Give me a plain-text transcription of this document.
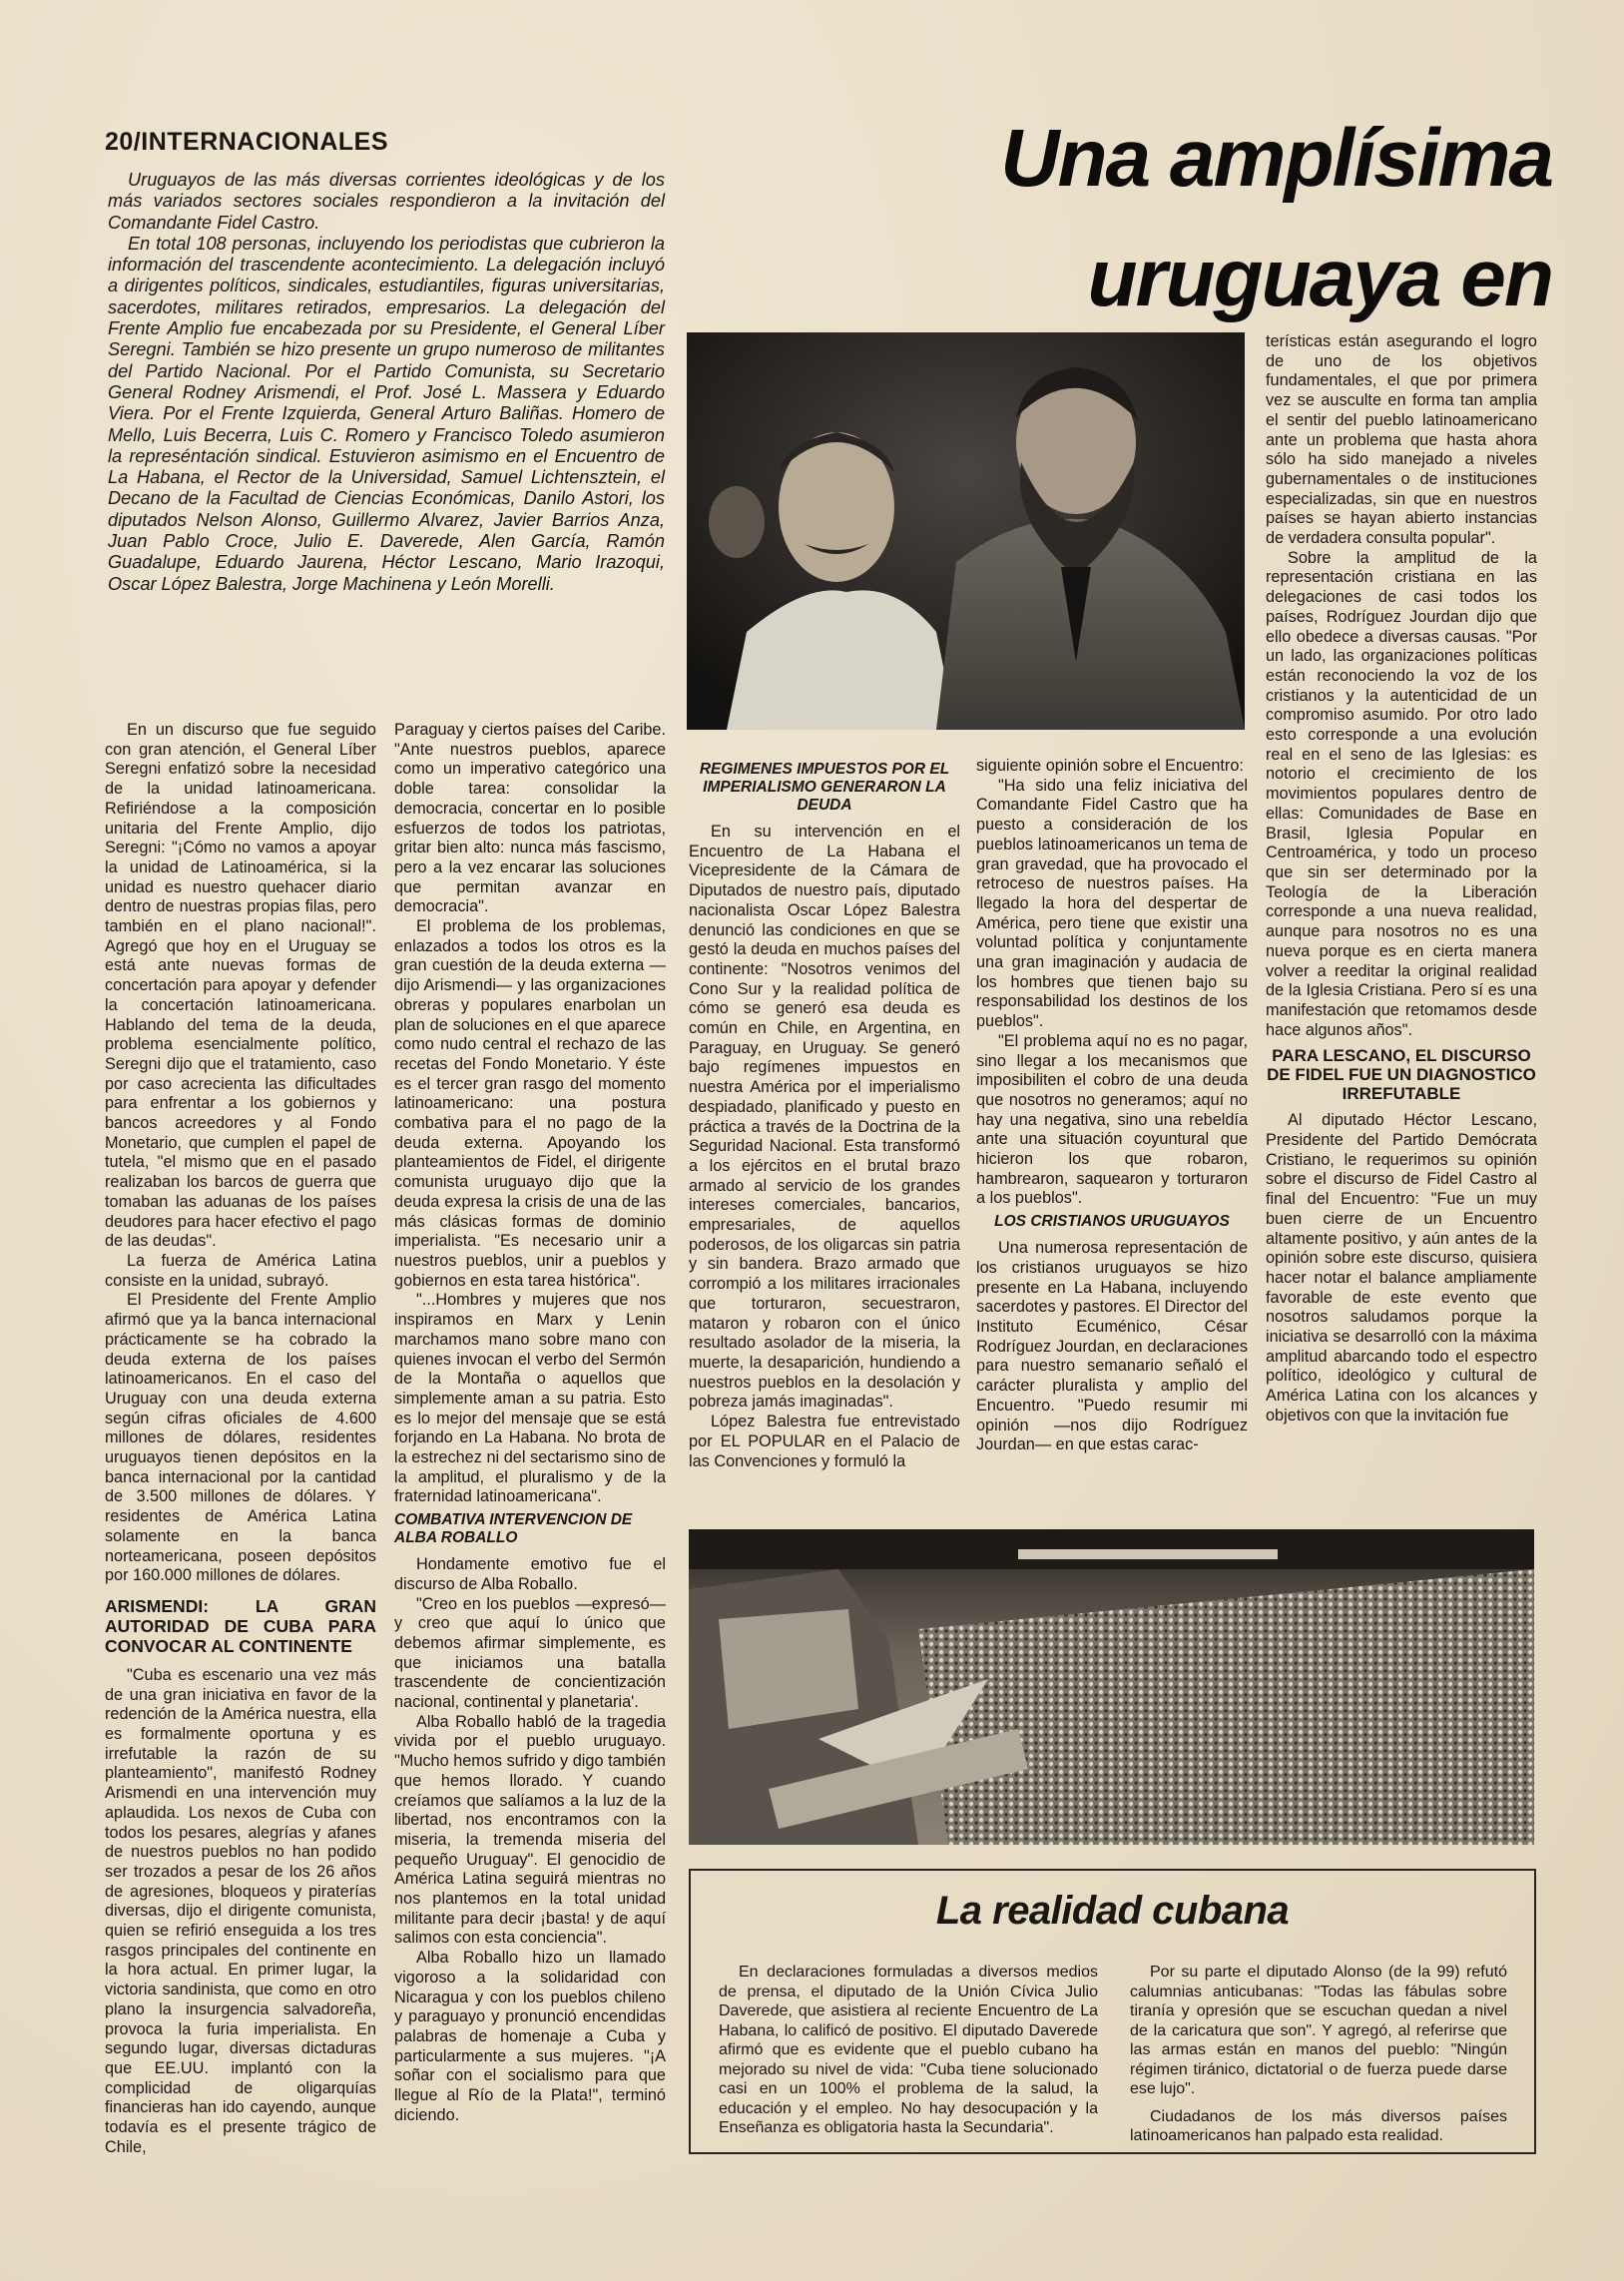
20/INTERNACIONALES	Una amplísima
uruguaya en

Uruguayos de las más diversas corrientes ideológicas y de los más variados sectores sociales respondieron a la invitación del Comandante Fidel Castro.

En total 108 personas, incluyendo los periodistas que cubrieron la información del trascendente acontecimiento. La delegación incluyó a dirigentes políticos, sindicales, estudiantiles, figuras universitarias, sacerdotes, militares retirados, empresarios. La delegación del Frente Amplio fue encabezada por su Presidente, el General Líber Seregni. También se hizo presente un grupo numeroso de militantes del Partido Nacional. Por el Partido Comunista, su Secretario General Rodney Arismendi, el Prof. José L. Massera y Eduardo Viera. Por el Frente Izquierda, General Arturo Baliñas. Homero de Mello, Luis Becerra, Luis C. Romero y Francisco Toledo asumieron la represéntación sindical. Estuvieron asimismo en el Encuentro de La Habana, el Rector de la Universidad, Samuel Lichtensztein, el Decano de la Facultad de Ciencias Económicas, Danilo Astori, los diputados Nelson Alonso, Guillermo Alvarez, Javier Barrios Anza, Juan Pablo Croce, Julio E. Daverede, Alen García, Ramón Guadalupe, Eduardo Jaurena, Héctor Lescano, Mario Irazoqui, Oscar López Balestra, Jorge Machinena y León Morelli.

En un discurso que fue seguido con gran atención, el General Líber Seregni enfatizó sobre la necesidad de la unidad latinoamericana. Refiriéndose a la composición unitaria del Frente Amplio, dijo Seregni: "¡Cómo no vamos a apoyar la unidad de Latinoamérica, si la unidad es nuestro quehacer diario dentro de nuestras propias filas, pero también en el plano nacional!". Agregó que hoy en el Uruguay se está ante nuevas formas de concertación para apoyar y defender la concertación latinoamericana. Hablando del tema de la deuda, problema esencialmente político, Seregni dijo que el tratamiento, caso por caso acrecienta las dificultades para enfrentar a los gobiernos y bancos acreedores y al Fondo Monetario, que cumplen el papel de tutela, "el mismo que en el pasado realizaban los barcos de guerra que tomaban las aduanas de los países deudores para hacer efectivo el pago de las deudas".

La fuerza de América Latina consiste en la unidad, subrayó.

El Presidente del Frente Amplio afirmó que ya la banca internacional prácticamente se ha cobrado la deuda externa de los países latinoamericanos. En el caso del Uruguay con una deuda externa según cifras oficiales de 4.600 millones de dólares, residentes uruguayos tienen depósitos en la banca internacional por la cantidad de 3.500 millones de dólares. Y residentes de América Latina solamente en la banca norteamericana, poseen depósitos por 160.000 millones de dólares.

ARISMENDI: LA GRAN AUTORIDAD DE CUBA PARA CONVOCAR AL CONTINENTE

"Cuba es escenario una vez más de una gran iniciativa en favor de la redención de la América nuestra, ella es formalmente oportuna y es irrefutable la razón de su planteamiento", manifestó Rodney Arismendi en una intervención muy aplaudida. Los nexos de Cuba con todos los pesares, alegrías y afanes de nuestros pueblos no han podido ser trozados a pesar de los 26 años de agresiones, bloqueos y piraterías diversas, dijo el dirigente comunista, quien se refirió enseguida a los tres rasgos principales del continente en la hora actual. En primer lugar, la victoria sandinista, que como en otro plano la insurgencia salvadoreña, provoca la furia imperialista. En segundo lugar, diversas dictaduras que EE.UU. implantó con la complicidad de oligarquías financieras han ido cayendo, aunque todavía es el presente trágico de Chile,

Paraguay y ciertos países del Caribe. "Ante nuestros pueblos, aparece como un imperativo categórico una doble tarea: consolidar la democracia, concertar en lo posible esfuerzos de todos los patriotas, gritar bien alto: nunca más fascismo, pero a la vez encarar las soluciones que permitan avanzar en democracia".

El problema de los problemas, enlazados a todos los otros es la gran cuestión de la deuda externa —dijo Arismendi— y las organizaciones obreras y populares enarbolan un plan de soluciones en el que aparece como nudo central el rechazo de las recetas del Fondo Monetario. Y éste es el tercer gran rasgo del momento latinoamericano: una postura combativa para el no pago de la deuda externa. Apoyando los planteamientos de Fidel, el dirigente comunista uruguayo dijo que la deuda expresa la crisis de una de las más clásicas formas de dominio imperialista. "Es necesario unir a nuestros pueblos, unir a pueblos y gobiernos en esta tarea histórica".

"...Hombres y mujeres que nos inspiramos en Marx y Lenin marchamos mano sobre mano con quienes invocan el verbo del Sermón de la Montaña o aquellos que simplemente aman a su patria. Esto es lo mejor del mensaje que se está forjando en La Habana. No brota de la estrechez ni del sectarismo sino de la amplitud, el pluralismo y de la fraternidad latinoamericana".

COMBATIVA INTERVENCION DE ALBA ROBALLO

Hondamente emotivo fue el discurso de Alba Roballo.

"Creo en los pueblos —expresó— y creo que aquí lo único que debemos afirmar simplemente, es que iniciamos una batalla trascendente de concientización nacional, continental y planetaria'.

Alba Roballo habló de la tragedia vivida por el pueblo uruguayo. "Mucho hemos sufrido y digo también que hemos llorado. Y cuando creíamos que salíamos a la luz de la libertad, nos encontramos con la miseria, la tremenda miseria del pequeño Uruguay". El genocidio de América Latina seguirá mientras no nos plantemos en la total unidad militante para decir ¡basta! y de aquí salimos con esta conciencia".

Alba Roballo hizo un llamado vigoroso a la solidaridad con Nicaragua y con los pueblos chileno y paraguayo y pronunció encendidas palabras de homenaje a Cuba y particularmente a sus mujeres. "¡A soñar con el socialismo para que llegue al Río de la Plata!", terminó diciendo.

REGIMENES IMPUESTOS POR EL IMPERIALISMO GENERARON LA DEUDA

En su intervención en el Encuentro de La Habana el Vicepresidente de la Cámara de Diputados de nuestro país, diputado nacionalista Oscar López Balestra denunció las condiciones en que se gestó la deuda en muchos países del continente: "Nosotros venimos del Cono Sur y la realidad política de cómo se generó esa deuda es común en Chile, en Argentina, en Paraguay, en Uruguay. Se generó bajo regímenes impuestos en nuestra América por el imperialismo despiadado, planificado y puesto en práctica a través de la Doctrina de la Seguridad Nacional. Esta transformó a los ejércitos en el brutal brazo armado al servicio de los grandes intereses comerciales, bancarios, empresariales, de aquellos poderosos, de los oligarcas sin patria y sin bandera. Brazo armado que corrompió a los militares irracionales que torturaron, secuestraron, mataron y robaron con el único resultado asolador de la miseria, la muerte, la desaparición, hundiendo a nuestros pueblos en la desolación y pobreza jamás imaginadas".

López Balestra fue entrevistado por EL POPULAR en el Palacio de las Convenciones y formuló la

siguiente opinión sobre el Encuentro:

"Ha sido una feliz iniciativa del Comandante Fidel Castro que ha puesto a consideración de los pueblos latinoamericanos un tema de gran gravedad, que ha provocado el retroceso de nuestros países. Ha llegado la hora del despertar de América, pero tiene que existir una voluntad política y conjuntamente una gran imaginación y audacia de los hombres que tienen bajo su responsabilidad los destinos de los pueblos".

"El problema aquí no es no pagar, sino llegar a los mecanismos que imposibiliten el cobro de una deuda que nosotros no generamos; aquí no hay una negativa, sino una rebeldía ante una situación coyuntural que hicieron los que robaron, hambrearon, saquearon y torturaron a los pueblos".

LOS CRISTIANOS URUGUAYOS

Una numerosa representación de los cristianos uruguayos se hizo presente en La Habana, incluyendo sacerdotes y pastores. El Director del Instituto Ecuménico, César Rodríguez Jourdan, en declaraciones para nuestro semanario señaló el carácter pluralista y amplio del Encuentro. "Puedo resumir mi opinión —nos dijo Rodríguez Jourdan— en que estas carac-

terísticas están asegurando el logro de uno de los objetivos fundamentales, el que por primera vez se ausculte en forma tan amplia el sentir del pueblo latinoamericano ante un problema que hasta ahora sólo ha sido manejado a niveles gubernamentales o de instituciones especializadas, sin que en nuestros países se hayan abierto instancias de verdadera consulta popular".

Sobre la amplitud de la representación cristiana en las delegaciones de casi todos los países, Rodríguez Jourdan dijo que ello obedece a diversas causas. "Por un lado, las organizaciones políticas están reconociendo la voz de los cristianos y la autenticidad de un compromiso asumido. Por otro lado esto corresponde a una evolución real en el seno de las Iglesias: es notorio el crecimiento de los movimientos populares dentro de ellas: Comunidades de Base en Brasil, Iglesia Popular en Centroamérica, y todo un proceso que sin ser determinado por la Teología de la Liberación corresponde a una nueva realidad, aunque para nosotros no es una nueva porque es en cierta manera volver a reeditar la original realidad de la Iglesia Cristiana. Pero sí es una manifestación que retomamos desde hace algunos años".

PARA LESCANO, EL DISCURSO DE FIDEL FUE UN DIAGNOSTICO IRREFUTABLE

Al diputado Héctor Lescano, Presidente del Partido Demócrata Cristiano, le requerimos su opinión sobre el discurso de Fidel Castro al final del Encuentro: "Fue un muy buen cierre de un Encuentro altamente positivo, y aún antes de la opinión sobre este discurso, quisiera hacer notar el balance ampliamente favorable de este evento que nosotros saludamos porque la iniciativa se desarrolló con la máxima amplitud abarcando todo el espectro político, ideológico y cultural de América Latina con los alcances y objetivos con que la invitación fue

La realidad cubana

En declaraciones formuladas a diversos medios de prensa, el diputado de la Unión Cívica Julio Daverede, que asistiera al reciente Encuentro de La Habana, lo calificó de positivo. El diputado Daverede afirmó que es evidente que el pueblo cubano ha mejorado su nivel de vida: "Cuba tiene solucionado casi en un 100% el problema de la salud, la educación y el empleo. No hay desocupación y la Enseñanza es obligatoria hasta la Secundaria".

Por su parte el diputado Alonso (de la 99) refutó calumnias anticubanas: "Todas las fábulas sobre tiranía y opresión que se escuchan quedan a nivel de la caricatura que son". Y agregó, al referirse que las armas están en manos del pueblo: "Ningún régimen tiránico, dictatorial o de fuerza puede darse ese lujo".

Ciudadanos de los más diversos países latinoamericanos han palpado esta realidad.
